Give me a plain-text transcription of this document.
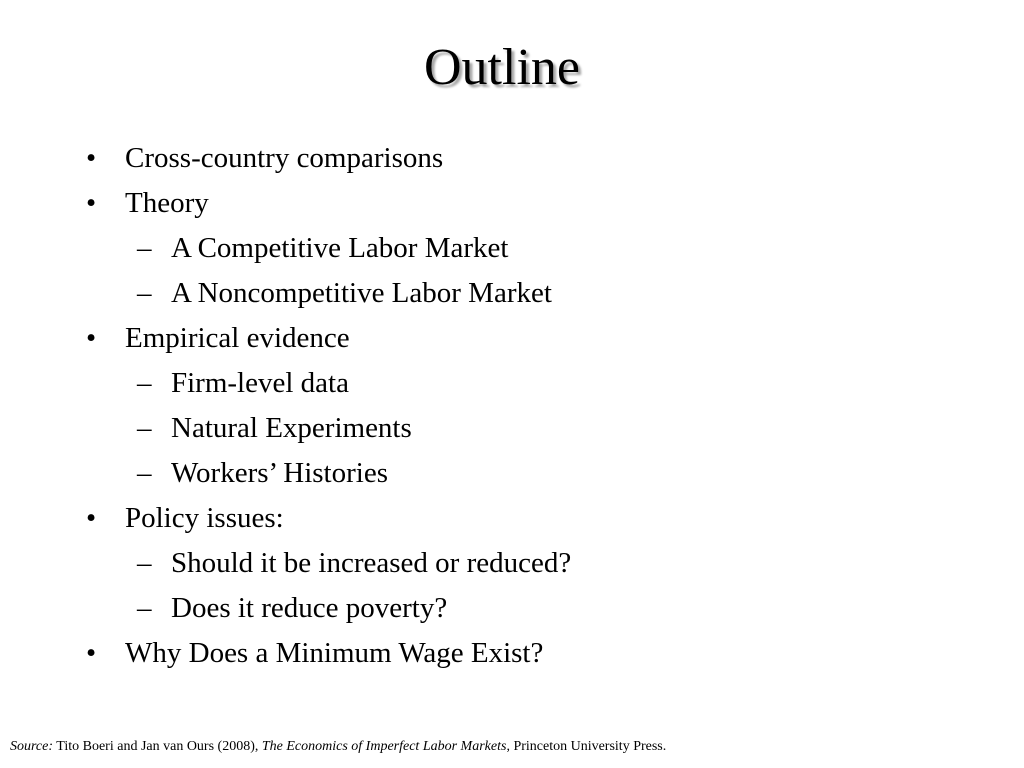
Outline
• Cross-country comparisons
• Theory
– A Competitive Labor Market
– A Noncompetitive Labor Market
• Empirical evidence
– Firm-level data
– Natural Experiments
– Workers’ Histories
• Policy issues:
– Should it be increased or reduced?
– Does it reduce poverty?
• Why Does a Minimum Wage Exist?
Source: Tito Boeri and Jan van Ours (2008), The Economics of Imperfect Labor Markets, Princeton University Press.
